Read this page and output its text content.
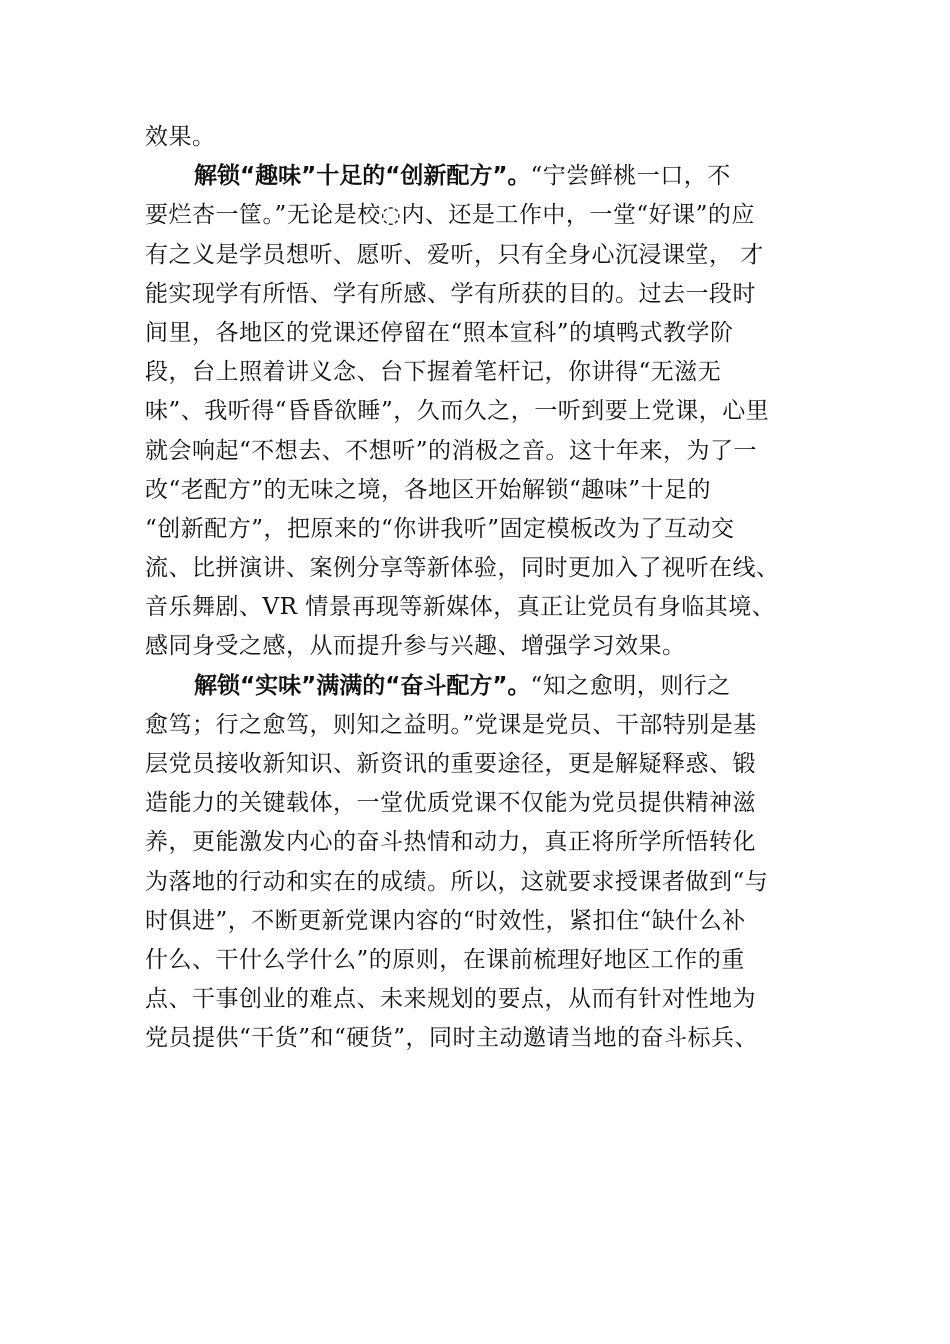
效果。
解锁“趣味”十足的“创新配方”。“宁尝鲜桃一口，不
要烂杏一筐。”无论是校◌内、还是工作中，一堂“好课”的应
有之义是学员想听、愿听、爱听，只有全身心沉浸课堂， 才
能实现学有所悟、学有所感、学有所获的目的。过去一段时
间里，各地区的党课还停留在“照本宣科”的填鸭式教学阶
段，台上照着讲义念、台下握着笔杆记，你讲得“无滋无
味”、我听得“昏昏欲睡”，久而久之，一听到要上党课，心里
就会响起“不想去、不想听”的消极之音。这十年来，为了一
改“老配方”的无味之境，各地区开始解锁“趣味”十足的
“创新配方”，把原来的“你讲我听”固定模板改为了互动交
流、比拼演讲、案例分享等新体验，同时更加入了视听在线、
音乐舞剧、VR 情景再现等新媒体，真正让党员有身临其境、
感同身受之感，从而提升参与兴趣、增强学习效果。
解锁“实味”满满的“奋斗配方”。“知之愈明，则行之
愈笃；行之愈笃，则知之益明。”党课是党员、干部特别是基
层党员接收新知识、新资讯的重要途径，更是解疑释惑、锻
造能力的关键载体，一堂优质党课不仅能为党员提供精神滋
养，更能激发内心的奋斗热情和动力，真正将所学所悟转化
为落地的行动和实在的成绩。所以，这就要求授课者做到“与
时俱进”，不断更新党课内容的“时效性，紧扣住“缺什么补
什么、干什么学什么”的原则，在课前梳理好地区工作的重
点、干事创业的难点、未来规划的要点，从而有针对性地为
党员提供“干货”和“硬货”，同时主动邀请当地的奋斗标兵、
